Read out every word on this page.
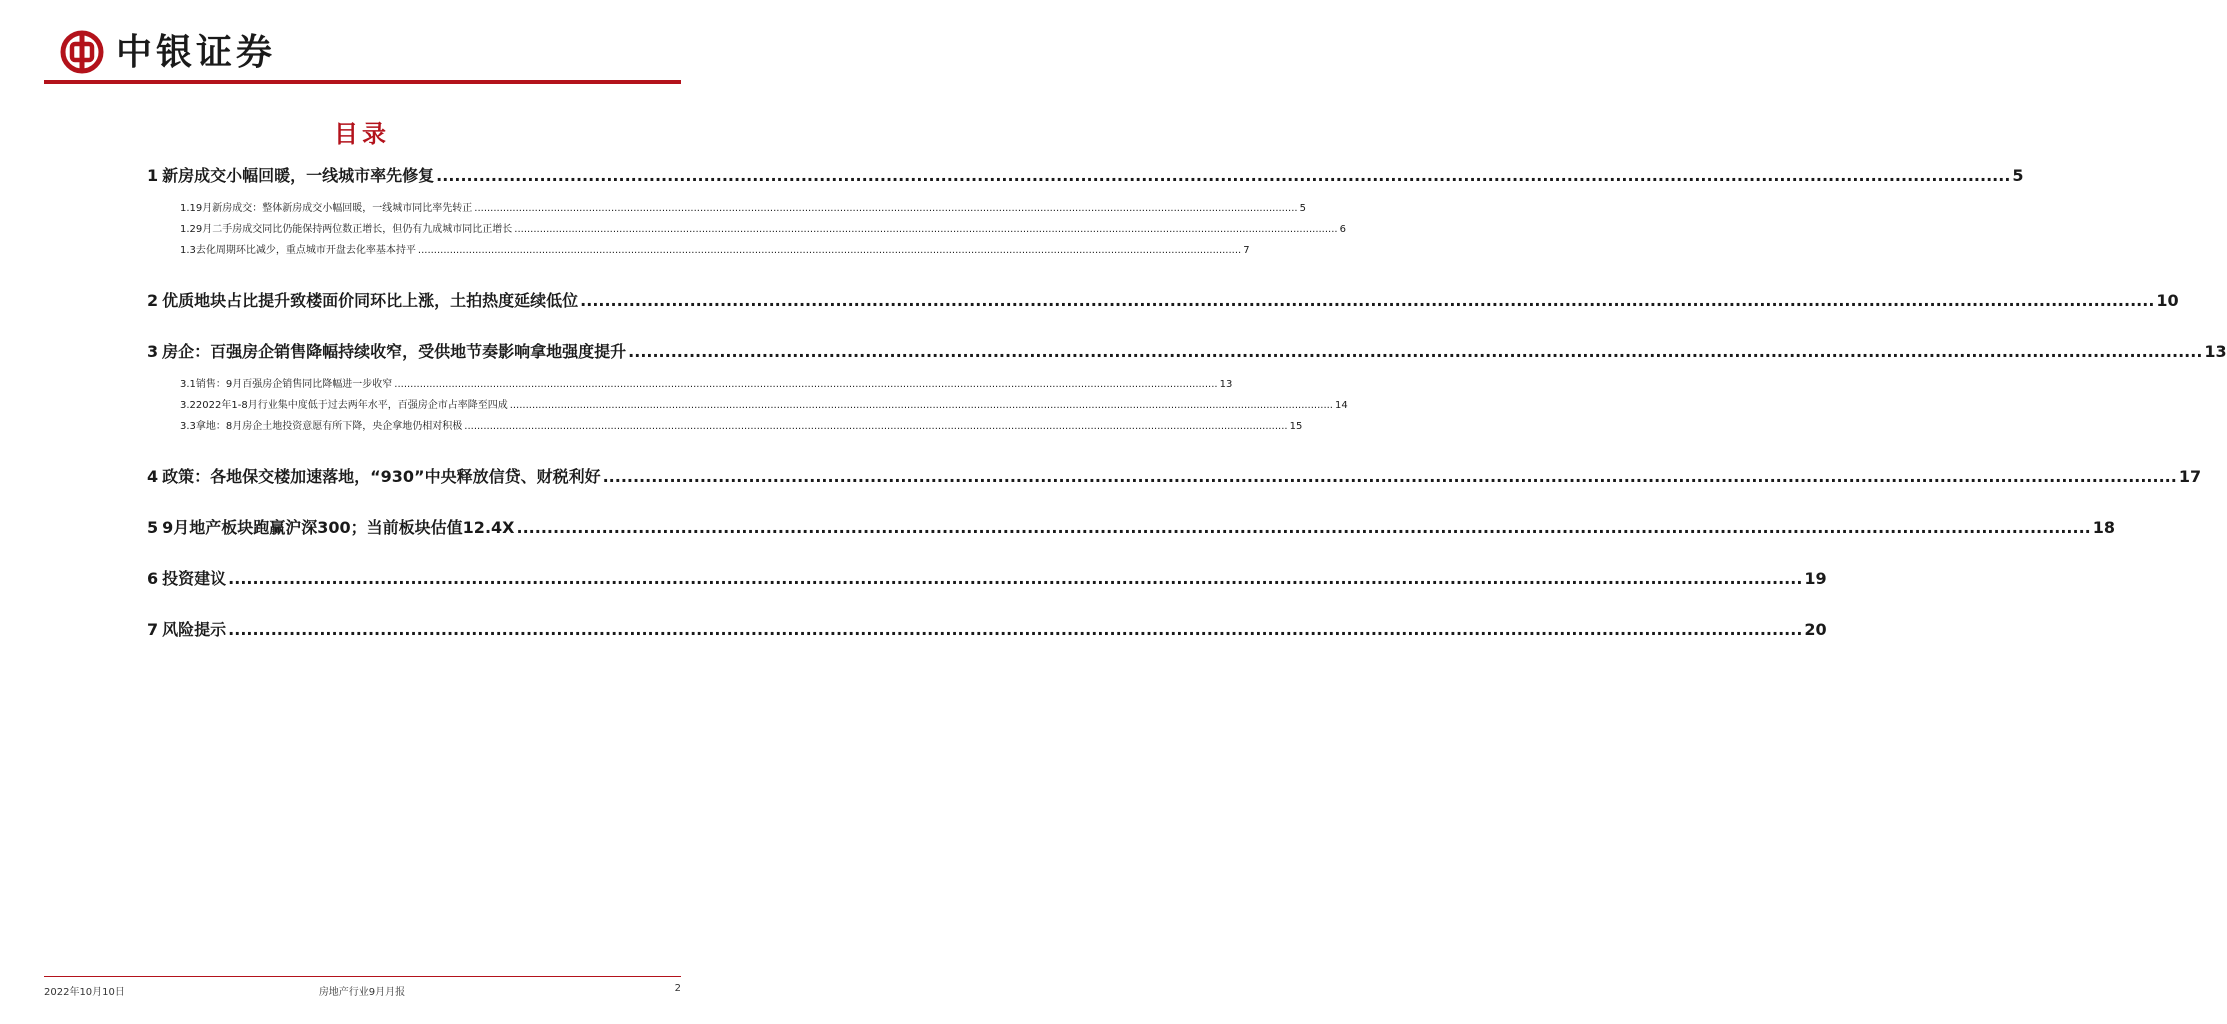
中银证券
目录
1 新房成交小幅回暖，一线城市率先修复 .....	5
1.19月新房成交：整体新房成交小幅回暖，一线城市同比率先转正 .....	5
1.29月二手房成交同比仍能保持两位数正增长，但仍有九成城市同比正增长 .....	6
1.3去化周期环比减少，重点城市开盘去化率基本持平 .....	7
2 优质地块占比提升致楼面价同环比上涨，土拍热度延续低位 .....	10
3 房企：百强房企销售降幅持续收窄，受供地节奏影响拿地强度提升 .....	13
3.1销售：9月百强房企销售同比降幅进一步收窄 .....	13
3.22022年1-8月行业集中度低于过去两年水平，百强房企市占率降至四成 .....	14
3.3拿地：8月房企土地投资意愿有所下降，央企拿地仍相对积极 .....	15
4 政策：各地保交楼加速落地，“930”中央释放信贷、财税利好 .....	17
5 9月地产板块跑赢沪深300；当前板块估值12.4X .....	18
6 投资建议 .....	19
7 风险提示 .....	20
2022年10月10日	房地产行业9月月报	2
